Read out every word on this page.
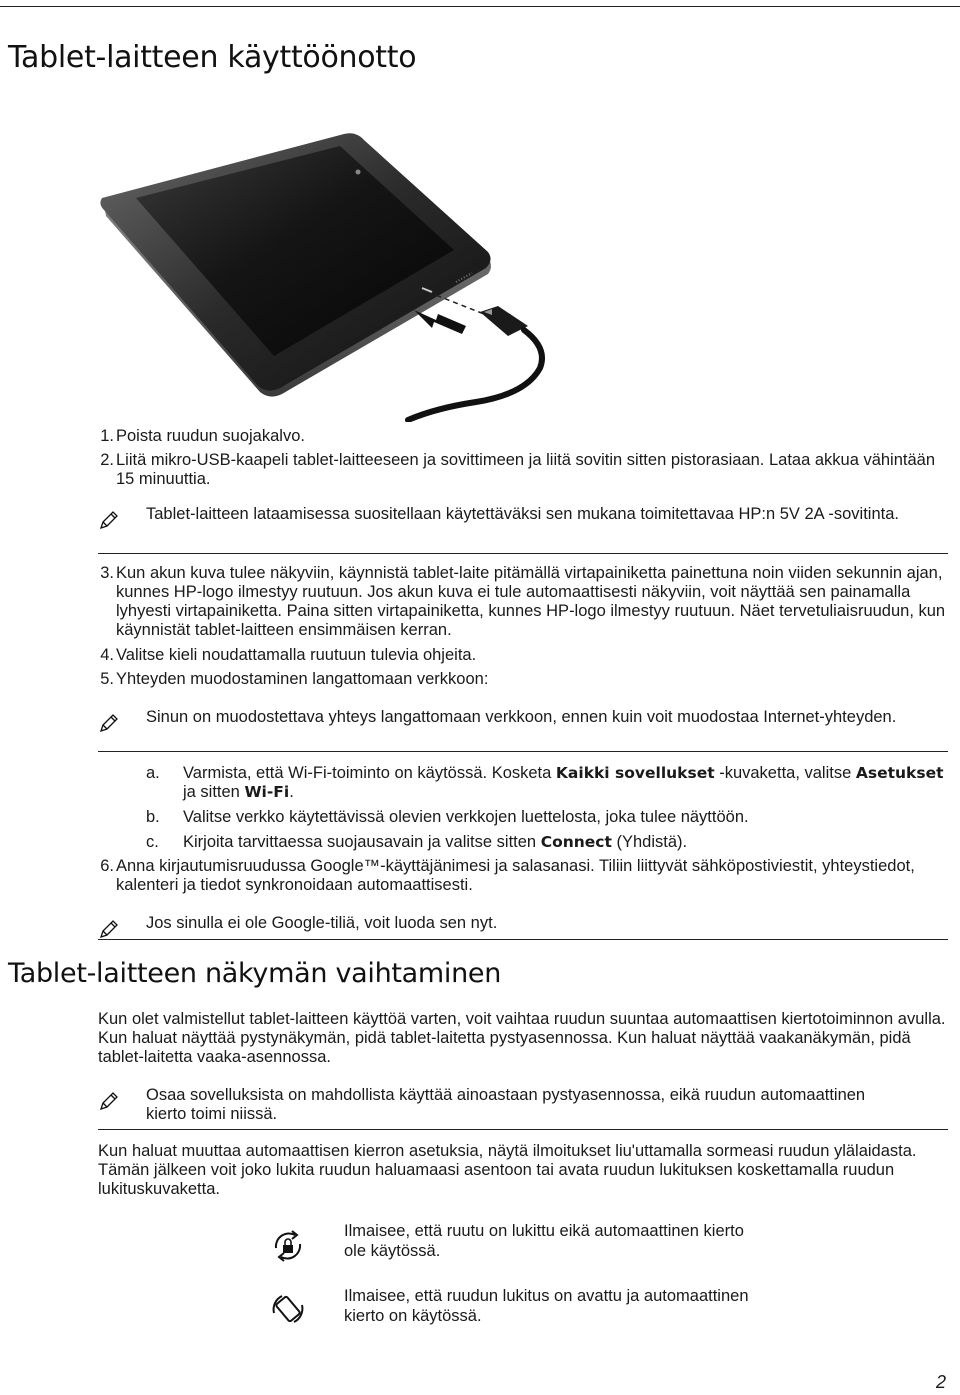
Tablet-laitteen käyttöönotto
1. Poista ruudun suojakalvo.
2. Liitä mikro-USB-kaapeli tablet-laitteeseen ja sovittimeen ja liitä sovitin sitten pistorasiaan. Lataa akkua vähintään 15 minuuttia.
Tablet-laitteen lataamisessa suositellaan käytettäväksi sen mukana toimitettavaa HP:n 5V 2A -sovitinta.
3. Kun akun kuva tulee näkyviin, käynnistä tablet-laite pitämällä virtapainiketta painettuna noin viiden sekunnin ajan, kunnes HP-logo ilmestyy ruutuun. Jos akun kuva ei tule automaattisesti näkyviin, voit näyttää sen painamalla lyhyesti virtapainiketta. Paina sitten virtapainiketta, kunnes HP-logo ilmestyy ruutuun. Näet tervetuliaisruudun, kun käynnistät tablet-laitteen ensimmäisen kerran.
4. Valitse kieli noudattamalla ruutuun tulevia ohjeita.
5. Yhteyden muodostaminen langattomaan verkkoon:
Sinun on muodostettava yhteys langattomaan verkkoon, ennen kuin voit muodostaa Internet-yhteyden.
a. Varmista, että Wi-Fi-toiminto on käytössä. Kosketa Kaikki sovellukset -kuvaketta, valitse Asetukset ja sitten Wi-Fi.
b. Valitse verkko käytettävissä olevien verkkojen luettelosta, joka tulee näyttöön.
c. Kirjoita tarvittaessa suojausavain ja valitse sitten Connect (Yhdistä).
6. Anna kirjautumisruudussa Google™-käyttäjänimesi ja salasanasi. Tiliin liittyvät sähköpostiviestit, yhteystiedot, kalenteri ja tiedot synkronoidaan automaattisesti.
Jos sinulla ei ole Google-tiliä, voit luoda sen nyt.
Tablet-laitteen näkymän vaihtaminen
Kun olet valmistellut tablet-laitteen käyttöä varten, voit vaihtaa ruudun suuntaa automaattisen kiertotoiminnon avulla. Kun haluat näyttää pystynäkymän, pidä tablet-laitetta pystyasennossa. Kun haluat näyttää vaakanäkymän, pidä tablet-laitetta vaaka-asennossa.
Osaa sovelluksista on mahdollista käyttää ainoastaan pystyasennossa, eikä ruudun automaattinen kierto toimi niissä.
Kun haluat muuttaa automaattisen kierron asetuksia, näytä ilmoitukset liu'uttamalla sormeasi ruudun ylälaidasta. Tämän jälkeen voit joko lukita ruudun haluamaasi asentoon tai avata ruudun lukituksen koskettamalla ruudun lukituskuvaketta.
Ilmaisee, että ruutu on lukittu eikä automaattinen kierto ole käytössä.
Ilmaisee, että ruudun lukitus on avattu ja automaattinen kierto on käytössä.
2
